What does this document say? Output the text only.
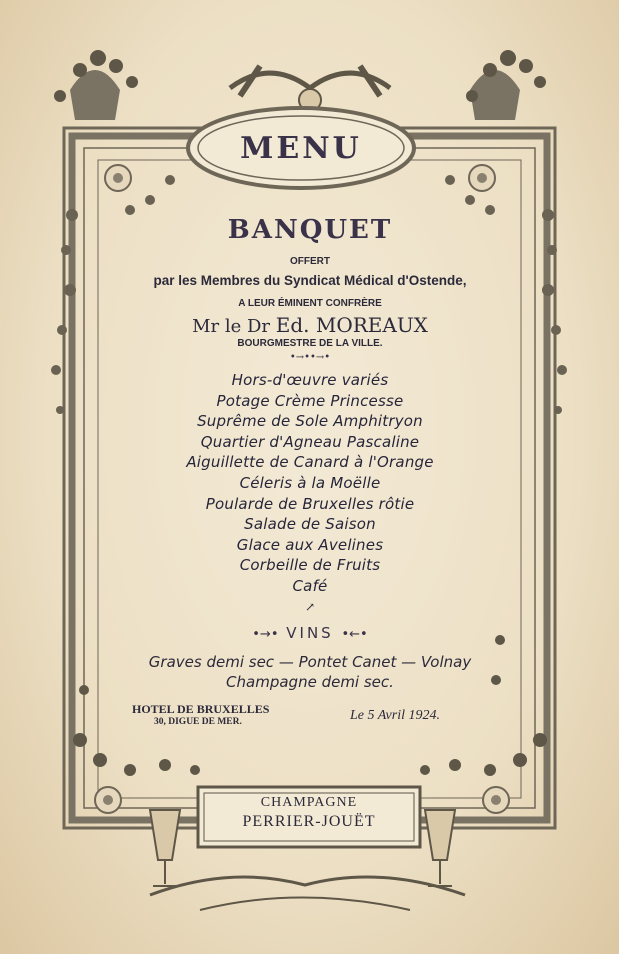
MENU
BANQUET
OFFERT
par les Membres du Syndicat Médical d'Ostende,
A LEUR ÉMINENT CONFRÈRE
Mr le Dr Ed. MOREAUX
BOURGMESTRE DE LA VILLE.
•→••→•
Hors-d'œuvre variés
Potage Crème Princesse
Suprême de Sole Amphitryon
Quartier d'Agneau Pascaline
Aiguillette de Canard à l'Orange
Céleris à la Moëlle
Poularde de Bruxelles rôtie
Salade de Saison
Glace aux Avelines
Corbeille de Fruits
Café
↗
•→• VINS •←•
Graves demi sec — Pontet Canet — Volnay
Champagne demi sec.
HOTEL DE BRUXELLES
30, DIGUE DE MER.	Le 5 Avril 1924.
CHAMPAGNE
PERRIER-JOUËT
